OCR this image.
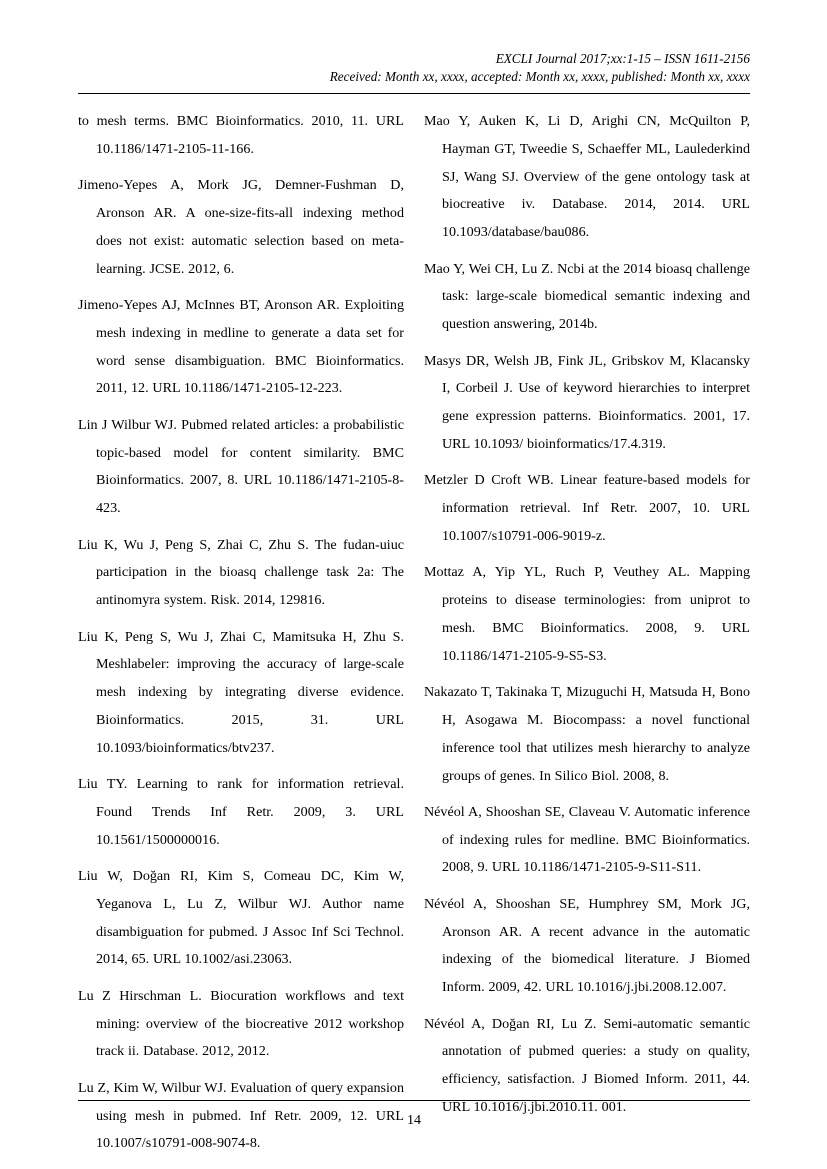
EXCLI Journal 2017;xx:1-15 – ISSN 1611-2156
Received: Month xx, xxxx, accepted: Month xx, xxxx, published: Month xx, xxxx

to mesh terms. BMC Bioinformatics. 2010, 11. URL 10.1186/1471-2105-11-166.

Jimeno-Yepes A, Mork JG, Demner-Fushman D, Aronson AR. A one-size-fits-all indexing method does not exist: automatic selection based on meta-learning. JCSE. 2012, 6.

Jimeno-Yepes AJ, McInnes BT, Aronson AR. Exploiting mesh indexing in medline to generate a data set for word sense disambiguation. BMC Bioinformatics. 2011, 12. URL 10.1186/1471-2105-12-223.

Lin J Wilbur WJ. Pubmed related articles: a probabilistic topic-based model for content similarity. BMC Bioinformatics. 2007, 8. URL 10.1186/1471-2105-8-423.

Liu K, Wu J, Peng S, Zhai C, Zhu S. The fudan-uiuc participation in the bioasq challenge task 2a: The antinomyra system. Risk. 2014, 129816.

Liu K, Peng S, Wu J, Zhai C, Mamitsuka H, Zhu S. Meshlabeler: improving the accuracy of large-scale mesh indexing by integrating diverse evidence. Bioinformatics. 2015, 31. URL 10.1093/bioinformatics/btv237.

Liu TY. Learning to rank for information retrieval. Found Trends Inf Retr. 2009, 3. URL 10.1561/1500000016.

Liu W, Doğan RI, Kim S, Comeau DC, Kim W, Yeganova L, Lu Z, Wilbur WJ. Author name disambiguation for pubmed. J Assoc Inf Sci Technol. 2014, 65. URL 10.1002/asi.23063.

Lu Z Hirschman L. Biocuration workflows and text mining: overview of the biocreative 2012 workshop track ii. Database. 2012, 2012.

Lu Z, Kim W, Wilbur WJ. Evaluation of query expansion using mesh in pubmed. Inf Retr. 2009, 12. URL 10.1007/s10791-008-9074-8.

Mao Y, Auken K, Li D, Arighi CN, McQuilton P, Hayman GT, Tweedie S, Schaeffer ML, Laulederkind SJ, Wang SJ. Overview of the gene ontology task at biocreative iv. Database. 2014, 2014. URL 10.1093/database/bau086.

Mao Y, Wei CH, Lu Z. Ncbi at the 2014 bioasq challenge task: large-scale biomedical semantic indexing and question answering, 2014b.

Masys DR, Welsh JB, Fink JL, Gribskov M, Klacansky I, Corbeil J. Use of keyword hierarchies to interpret gene expression patterns. Bioinformatics. 2001, 17. URL 10.1093/ bioinformatics/17.4.319.

Metzler D Croft WB. Linear feature-based models for information retrieval. Inf Retr. 2007, 10. URL 10.1007/s10791-006-9019-z.

Mottaz A, Yip YL, Ruch P, Veuthey AL. Mapping proteins to disease terminologies: from uniprot to mesh. BMC Bioinformatics. 2008, 9. URL 10.1186/1471-2105-9-S5-S3.

Nakazato T, Takinaka T, Mizuguchi H, Matsuda H, Bono H, Asogawa M. Biocompass: a novel functional inference tool that utilizes mesh hierarchy to analyze groups of genes. In Silico Biol. 2008, 8.

Névéol A, Shooshan SE, Claveau V. Automatic inference of indexing rules for medline. BMC Bioinformatics. 2008, 9. URL 10.1186/1471-2105-9-S11-S11.

Névéol A, Shooshan SE, Humphrey SM, Mork JG, Aronson AR. A recent advance in the automatic indexing of the biomedical literature. J Biomed Inform. 2009, 42. URL 10.1016/j.jbi.2008.12.007.

Névéol A, Doğan RI, Lu Z. Semi-automatic semantic annotation of pubmed queries: a study on quality, efficiency, satisfaction. J Biomed Inform. 2011, 44. URL 10.1016/j.jbi.2010.11. 001.

14
